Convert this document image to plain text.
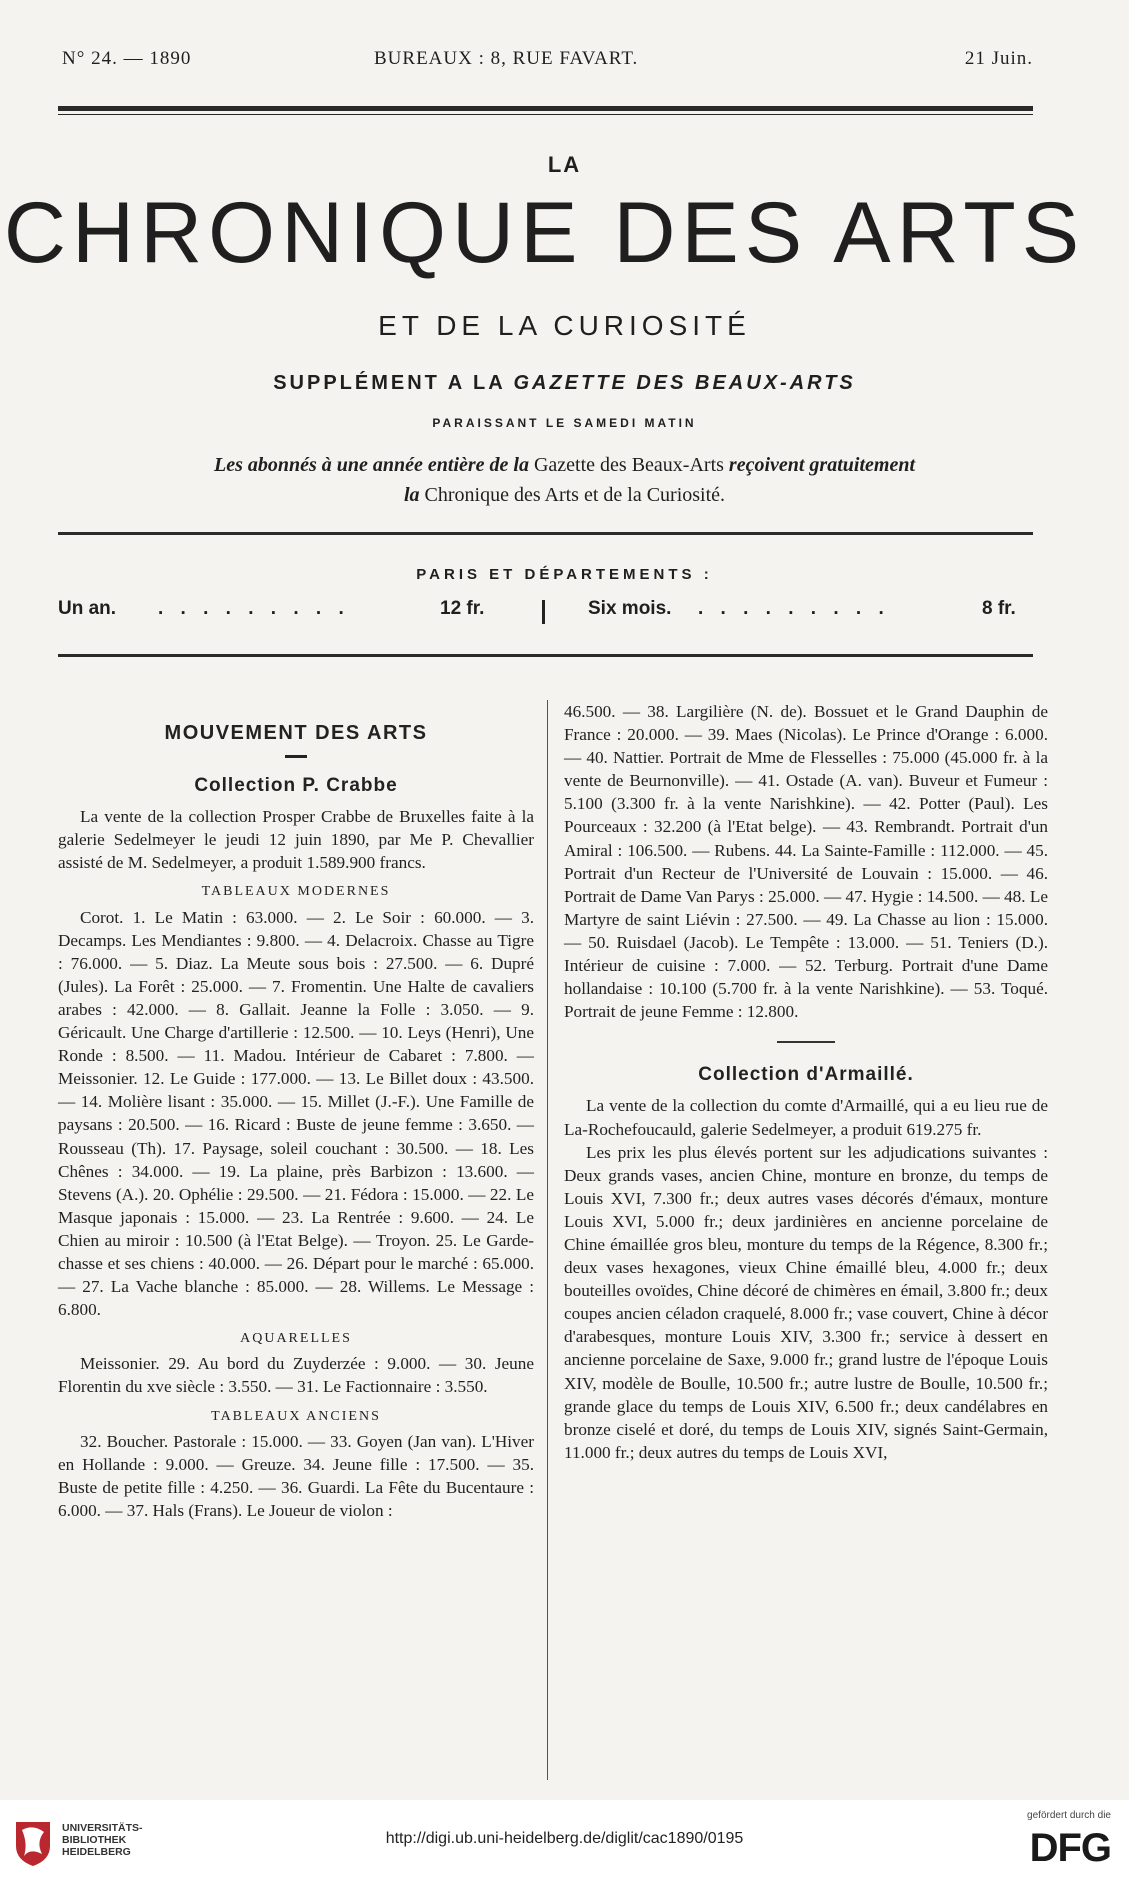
N° 24. — 1890	BUREAUX : 8, RUE FAVART.	21 Juin.
LA
CHRONIQUE DES ARTS
ET DE LA CURIOSITÉ
SUPPLÉMENT A LA GAZETTE DES BEAUX-ARTS
PARAISSANT LE SAMEDI MATIN
Les abonnés à une année entière de la Gazette des Beaux-Arts reçoivent gratuitement
la Chronique des Arts et de la Curiosité.
PARIS ET DÉPARTEMENTS :
Un an. . . . . . . . . .	12 fr.	Six mois. . . . . . . . . .	8 fr.
MOUVEMENT DES ARTS
Collection P. Crabbe

La vente de la collection Prosper Crabbe de Bruxelles faite à la galerie Sedelmeyer le jeudi 12 juin 1890, par Me P. Chevallier assisté de M. Sedelmeyer, a produit 1.589.900 francs.

TABLEAUX MODERNES

Corot. 1. Le Matin : 63.000. — 2. Le Soir : 60.000. — 3. Decamps. Les Mendiantes : 9.800. — 4. Delacroix. Chasse au Tigre : 76.000. — 5. Diaz. La Meute sous bois : 27.500. — 6. Dupré (Jules). La Forêt : 25.000. — 7. Fromentin. Une Halte de cavaliers arabes : 42.000. — 8. Gallait. Jeanne la Folle : 3.050. — 9. Géricault. Une Charge d'artillerie : 12.500. — 10. Leys (Henri), Une Ronde : 8.500. — 11. Madou. Intérieur de Cabaret : 7.800. — Meissonier. 12. Le Guide : 177.000. — 13. Le Billet doux : 43.500. — 14. Molière lisant : 35.000. — 15. Millet (J.-F.). Une Famille de paysans : 20.500. — 16. Ricard : Buste de jeune femme : 3.650. — Rousseau (Th). 17. Paysage, soleil couchant : 30.500. — 18. Les Chênes : 34.000. — 19. La plaine, près Barbizon : 13.600. — Stevens (A.). 20. Ophélie : 29.500. — 21. Fédora : 15.000. — 22. Le Masque japonais : 15.000. — 23. La Rentrée : 9.600. — 24. Le Chien au miroir : 10.500 (à l'Etat Belge). — Troyon. 25. Le Garde-chasse et ses chiens : 40.000. — 26. Départ pour le marché : 65.000. — 27. La Vache blanche : 85.000. — 28. Willems. Le Message : 6.800.

AQUARELLES

Meissonier. 29. Au bord du Zuyderzée : 9.000. — 30. Jeune Florentin du xve siècle : 3.550. — 31. Le Factionnaire : 3.550.

TABLEAUX ANCIENS

32. Boucher. Pastorale : 15.000. — 33. Goyen (Jan van). L'Hiver en Hollande : 9.000. — Greuze. 34. Jeune fille : 17.500. — 35. Buste de petite fille : 4.250. — 36. Guardi. La Fête du Bucentaure : 6.000. — 37. Hals (Frans). Le Joueur de violon :

46.500. — 38. Largilière (N. de). Bossuet et le Grand Dauphin de France : 20.000. — 39. Maes (Nicolas). Le Prince d'Orange : 6.000. — 40. Nattier. Portrait de Mme de Flesselles : 75.000 (45.000 fr. à la vente de Beurnonville). — 41. Ostade (A. van). Buveur et Fumeur : 5.100 (3.300 fr. à la vente Narishkine). — 42. Potter (Paul). Les Pourceaux : 32.200 (à l'Etat belge). — 43. Rembrandt. Portrait d'un Amiral : 106.500. — Rubens. 44. La Sainte-Famille : 112.000. — 45. Portrait d'un Recteur de l'Université de Louvain : 15.000. — 46. Portrait de Dame Van Parys : 25.000. — 47. Hygie : 14.500. — 48. Le Martyre de saint Liévin : 27.500. — 49. La Chasse au lion : 15.000. — 50. Ruisdael (Jacob). Le Tempête : 13.000. — 51. Teniers (D.). Intérieur de cuisine : 7.000. — 52. Terburg. Portrait d'une Dame hollandaise : 10.100 (5.700 fr. à la vente Narishkine). — 53. Toqué. Portrait de jeune Femme : 12.800.

Collection d'Armaillé.

La vente de la collection du comte d'Armaillé, qui a eu lieu rue de La-Rochefoucauld, galerie Sedelmeyer, a produit 619.275 fr.

Les prix les plus élevés portent sur les adjudications suivantes : Deux grands vases, ancien Chine, monture en bronze, du temps de Louis XVI, 7.300 fr.; deux autres vases décorés d'émaux, monture Louis XVI, 5.000 fr.; deux jardinières en ancienne porcelaine de Chine émaillée gros bleu, monture du temps de la Régence, 8.300 fr.; deux vases hexagones, vieux Chine émaillé bleu, 4.000 fr.; deux bouteilles ovoïdes, Chine décoré de chimères en émail, 3.800 fr.; deux coupes ancien céladon craquelé, 8.000 fr.; vase couvert, Chine à décor d'arabesques, monture Louis XIV, 3.300 fr.; service à dessert en ancienne porcelaine de Saxe, 9.000 fr.; grand lustre de l'époque Louis XIV, modèle de Boulle, 10.500 fr.; autre lustre de Boulle, 10.500 fr.; grande glace du temps de Louis XIV, 6.500 fr.; deux candélabres en bronze ciselé et doré, du temps de Louis XIV, signés Saint-Germain, 11.000 fr.; deux autres du temps de Louis XVI,

UNIVERSITÄTS-
BIBLIOTHEK
HEIDELBERG
http://digi.ub.uni-heidelberg.de/diglit/cac1890/0195
gefördert durch die
DFG
